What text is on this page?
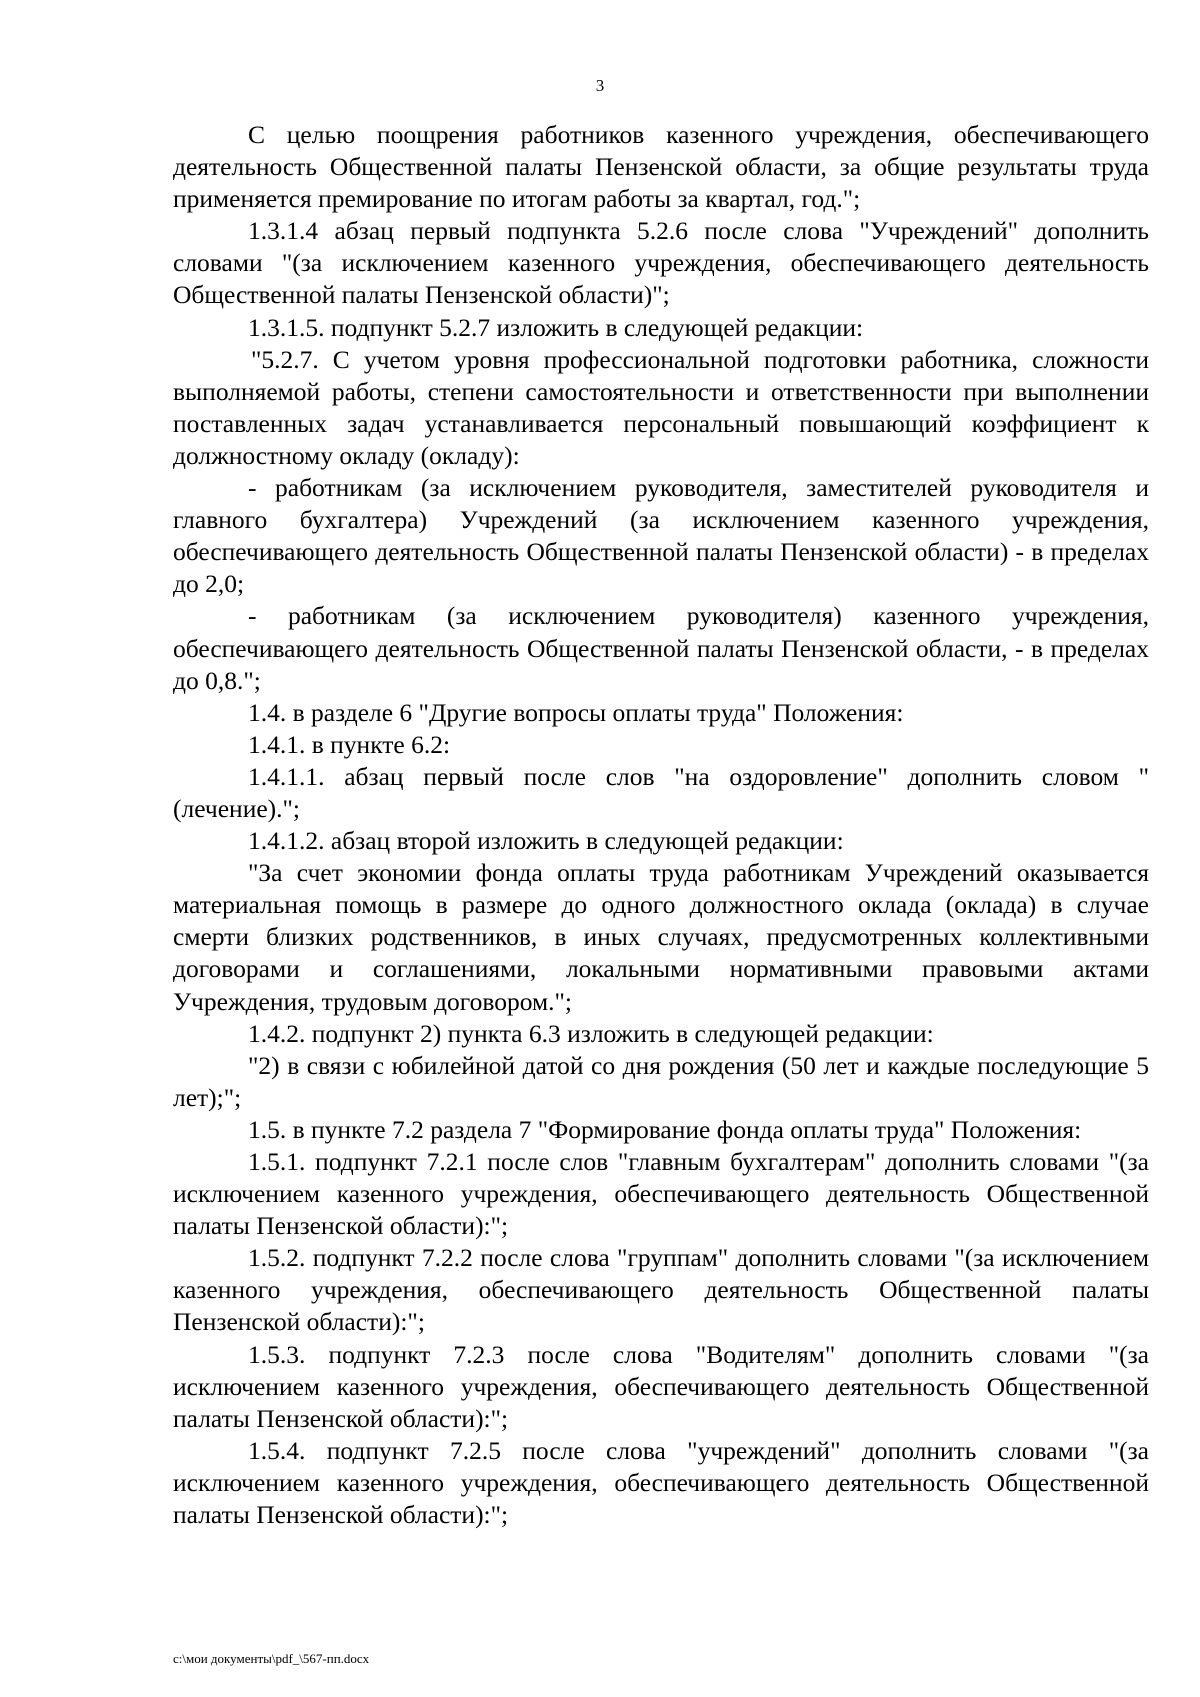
3

С целью поощрения работников казенного учреждения, обеспечивающего деятельность Общественной палаты Пензенской области, за общие результаты труда применяется премирование по итогам работы за квартал, год.";

1.3.1.4 абзац первый подпункта 5.2.6 после слова "Учреждений" дополнить словами "(за исключением казенного учреждения, обеспечивающего деятельность Общественной палаты Пензенской области)";

1.3.1.5. подпункт 5.2.7 изложить в следующей редакции:

"5.2.7. С учетом уровня профессиональной подготовки работника, сложности выполняемой работы, степени самостоятельности и ответственности при выполнении поставленных задач устанавливается персональный повышающий коэффициент к должностному окладу (окладу):

- работникам (за исключением руководителя, заместителей руководителя и главного бухгалтера) Учреждений (за исключением казенного учреждения, обеспечивающего деятельность Общественной палаты Пензенской области) - в пределах до 2,0;

- работникам (за исключением руководителя) казенного учреждения, обеспечивающего деятельность Общественной палаты Пензенской области, - в пределах до 0,8.";

1.4. в разделе 6 "Другие вопросы оплаты труда" Положения:

1.4.1. в пункте 6.2:

1.4.1.1. абзац первый после слов "на оздоровление" дополнить словом "(лечение).";

1.4.1.2. абзац второй изложить в следующей редакции:

"За счет экономии фонда оплаты труда работникам Учреждений оказывается материальная помощь в размере до одного должностного оклада (оклада) в случае смерти близких родственников, в иных случаях, предусмотренных коллективными договорами и соглашениями, локальными нормативными правовыми актами Учреждения, трудовым договором.";

1.4.2. подпункт 2) пункта 6.3 изложить в следующей редакции:

"2) в связи с юбилейной датой со дня рождения (50 лет и каждые последующие 5 лет);";

1.5. в пункте 7.2 раздела 7 "Формирование фонда оплаты труда" Положения:

1.5.1. подпункт 7.2.1 после слов "главным бухгалтерам" дополнить словами "(за исключением казенного учреждения, обеспечивающего деятельность Общественной палаты Пензенской области):";

1.5.2. подпункт 7.2.2 после слова "группам" дополнить словами "(за исключением казенного учреждения, обеспечивающего деятельность Общественной палаты Пензенской области):";

1.5.3. подпункт 7.2.3 после слова "Водителям" дополнить словами "(за исключением казенного учреждения, обеспечивающего деятельность Общественной палаты Пензенской области):";

1.5.4. подпункт 7.2.5 после слова "учреждений" дополнить словами "(за исключением казенного учреждения, обеспечивающего деятельность Общественной палаты Пензенской области):";

c:\мои документы\pdf_\567-пп.docx
